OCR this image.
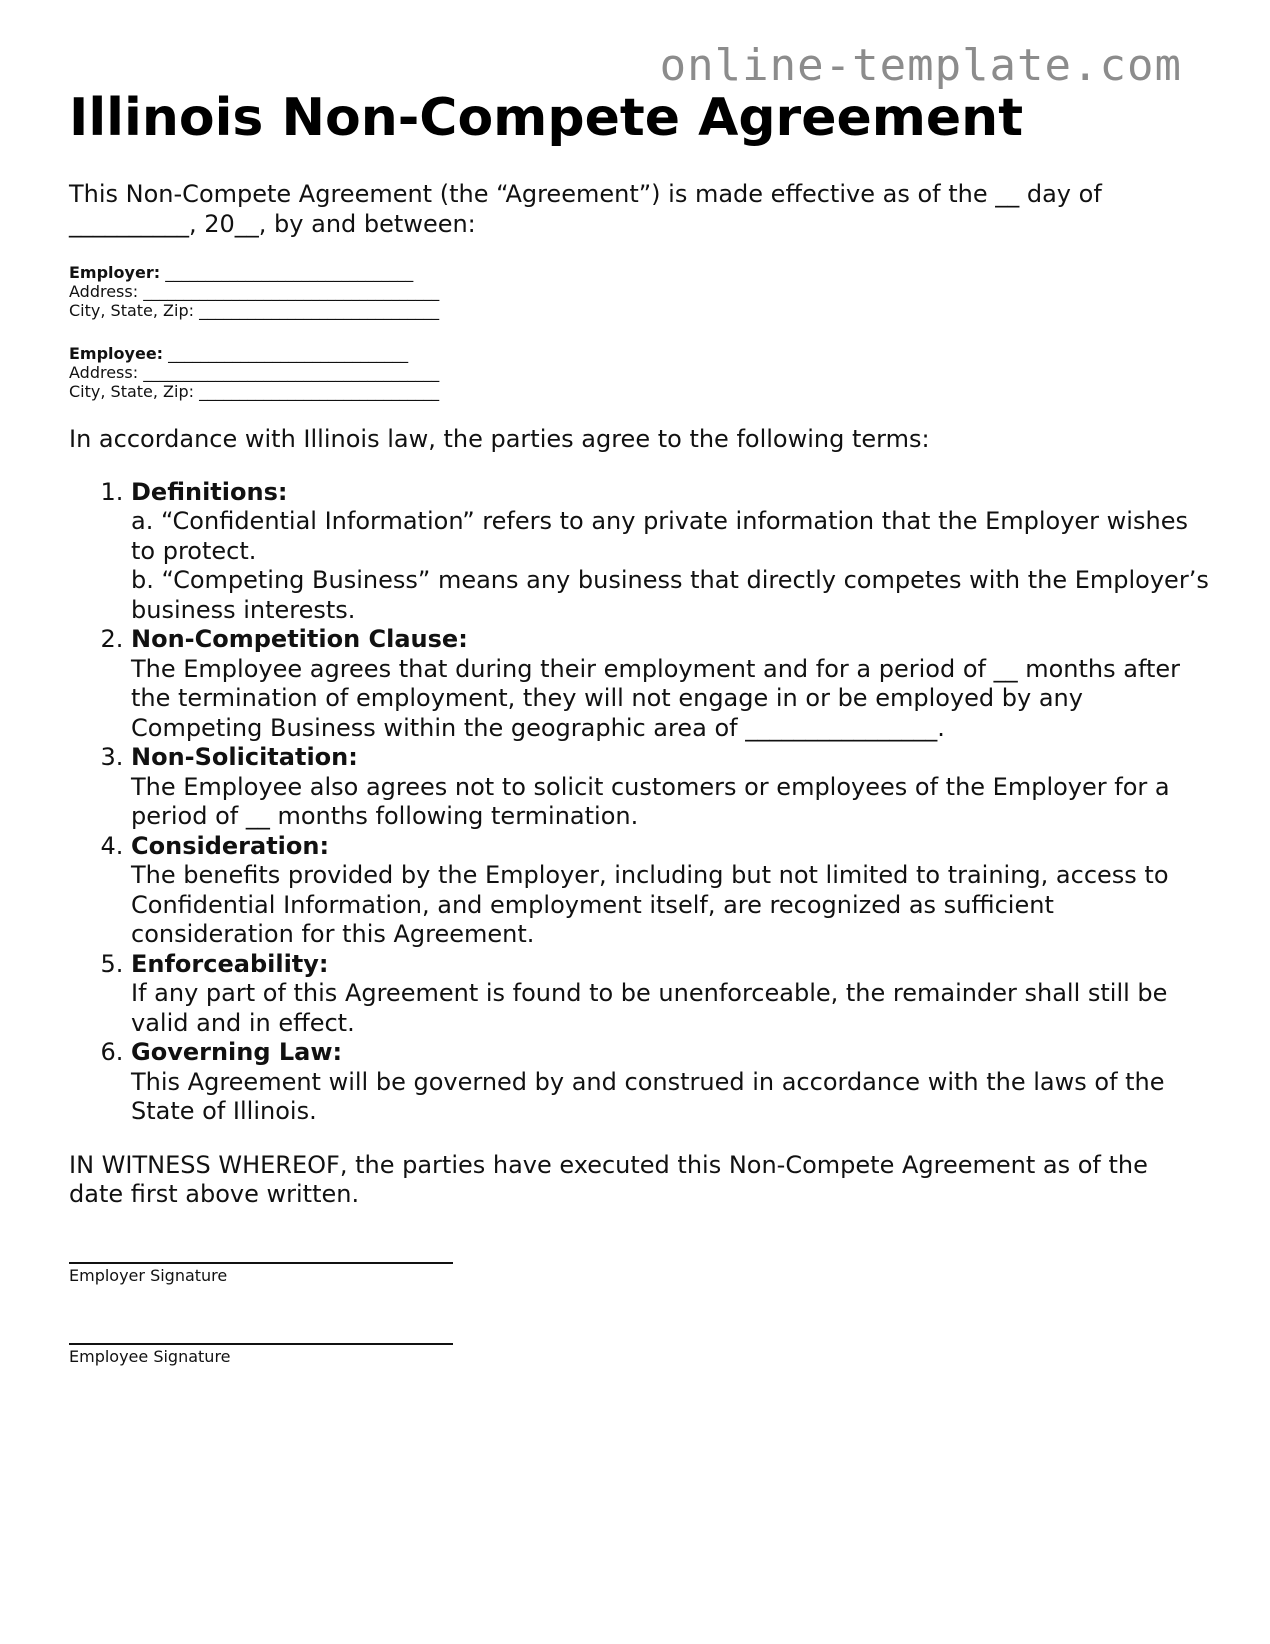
online-template.com
Illinois Non-Compete Agreement

This Non-Compete Agreement (the “Agreement”) is made effective as of the __ day of __________, 20__, by and between:

Employer: _______________________________
Address: _____________________________________
City, State, Zip: ______________________________
Employee: ______________________________
Address: _____________________________________
City, State, Zip: ______________________________

In accordance with Illinois law, the parties agree to the following terms:

1. Definitions:
a. “Confidential Information” refers to any private information that the Employer wishes to protect.
b. “Competing Business” means any business that directly competes with the Employer’s business interests.
2. Non-Competition Clause:
The Employee agrees that during their employment and for a period of __ months after the termination of employment, they will not engage in or be employed by any Competing Business within the geographic area of ________________.
3. Non-Solicitation:
The Employee also agrees not to solicit customers or employees of the Employer for a period of __ months following termination.
4. Consideration:
The benefits provided by the Employer, including but not limited to training, access to Confidential Information, and employment itself, are recognized as sufficient consideration for this Agreement.
5. Enforceability:
If any part of this Agreement is found to be unenforceable, the remainder shall still be valid and in effect.
6. Governing Law:
This Agreement will be governed by and construed in accordance with the laws of the State of Illinois.

IN WITNESS WHEREOF, the parties have executed this Non-Compete Agreement as of the date first above written.

Employer Signature
Employee Signature
